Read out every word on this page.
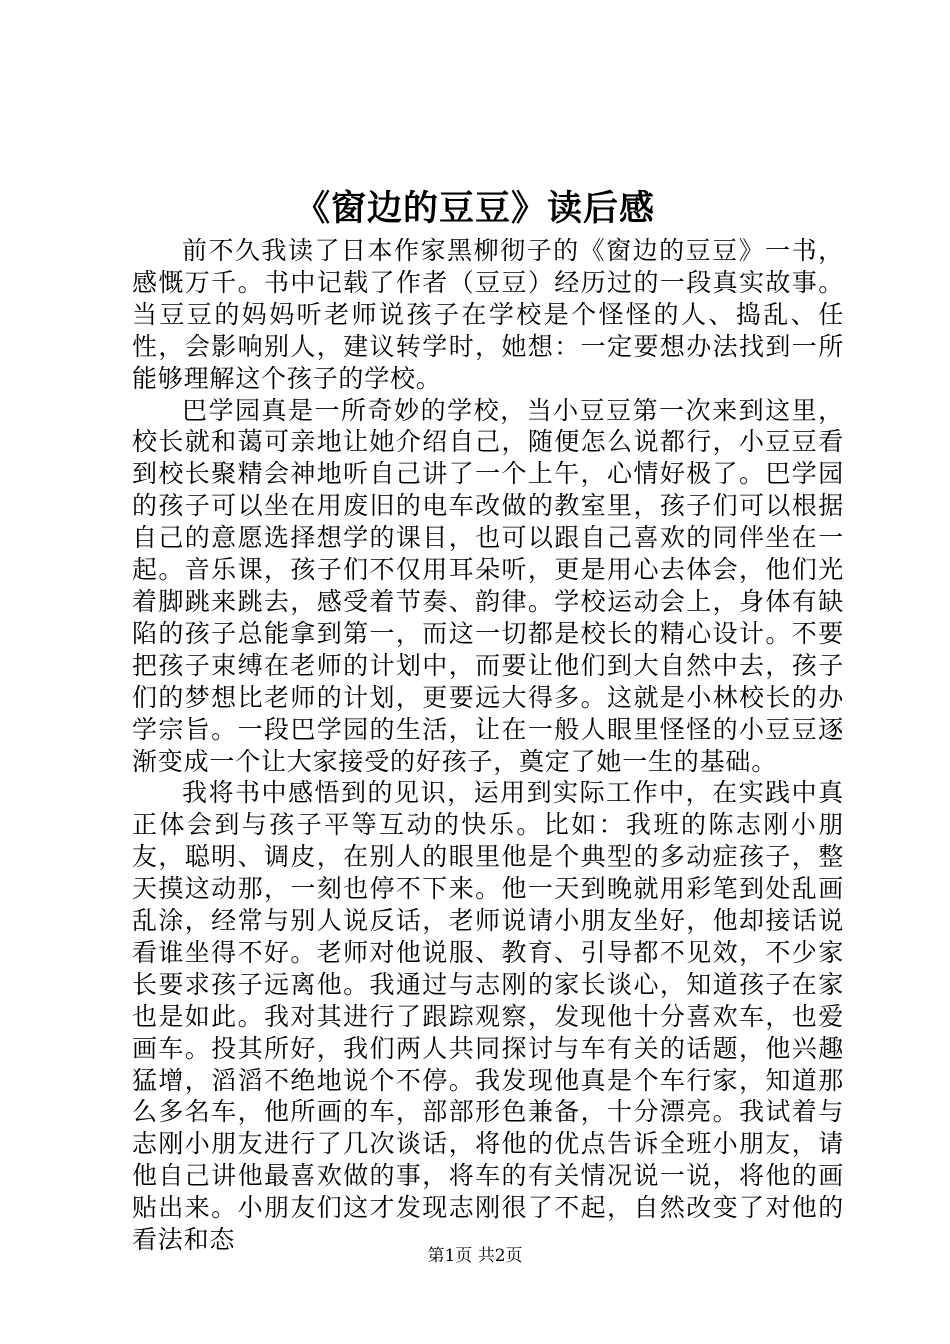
《窗边的豆豆》读后感

前不久我读了日本作家黑柳彻子的《窗边的豆豆》一书，感慨万千。书中记载了作者（豆豆）经历过的一段真实故事。当豆豆的妈妈听老师说孩子在学校是个怪怪的人、捣乱、任性，会影响别人，建议转学时，她想：一定要想办法找到一所能够理解这个孩子的学校。

巴学园真是一所奇妙的学校，当小豆豆第一次来到这里，校长就和蔼可亲地让她介绍自己，随便怎么说都行，小豆豆看到校长聚精会神地听自己讲了一个上午，心情好极了。巴学园的孩子可以坐在用废旧的电车改做的教室里，孩子们可以根据自己的意愿选择想学的课目，也可以跟自己喜欢的同伴坐在一起。音乐课，孩子们不仅用耳朵听，更是用心去体会，他们光着脚跳来跳去，感受着节奏、韵律。学校运动会上，身体有缺陷的孩子总能拿到第一，而这一切都是校长的精心设计。不要把孩子束缚在老师的计划中，而要让他们到大自然中去，孩子们的梦想比老师的计划，更要远大得多。这就是小林校长的办学宗旨。一段巴学园的生活，让在一般人眼里怪怪的小豆豆逐渐变成一个让大家接受的好孩子，奠定了她一生的基础。

我将书中感悟到的见识，运用到实际工作中，在实践中真正体会到与孩子平等互动的快乐。比如：我班的陈志刚小朋友，聪明、调皮，在别人的眼里他是个典型的多动症孩子，整天摸这动那，一刻也停不下来。他一天到晚就用彩笔到处乱画乱涂，经常与别人说反话，老师说请小朋友坐好，他却接话说看谁坐得不好。老师对他说服、教育、引导都不见效，不少家长要求孩子远离他。我通过与志刚的家长谈心，知道孩子在家也是如此。我对其进行了跟踪观察，发现他十分喜欢车，也爱画车。投其所好，我们两人共同探讨与车有关的话题，他兴趣猛增，滔滔不绝地说个不停。我发现他真是个车行家，知道那么多名车，他所画的车，部部形色兼备，十分漂亮。我试着与志刚小朋友进行了几次谈话，将他的优点告诉全班小朋友，请他自己讲他最喜欢做的事，将车的有关情况说一说，将他的画贴出来。小朋友们这才发现志刚很了不起，自然改变了对他的看法和态

第1页 共2页
